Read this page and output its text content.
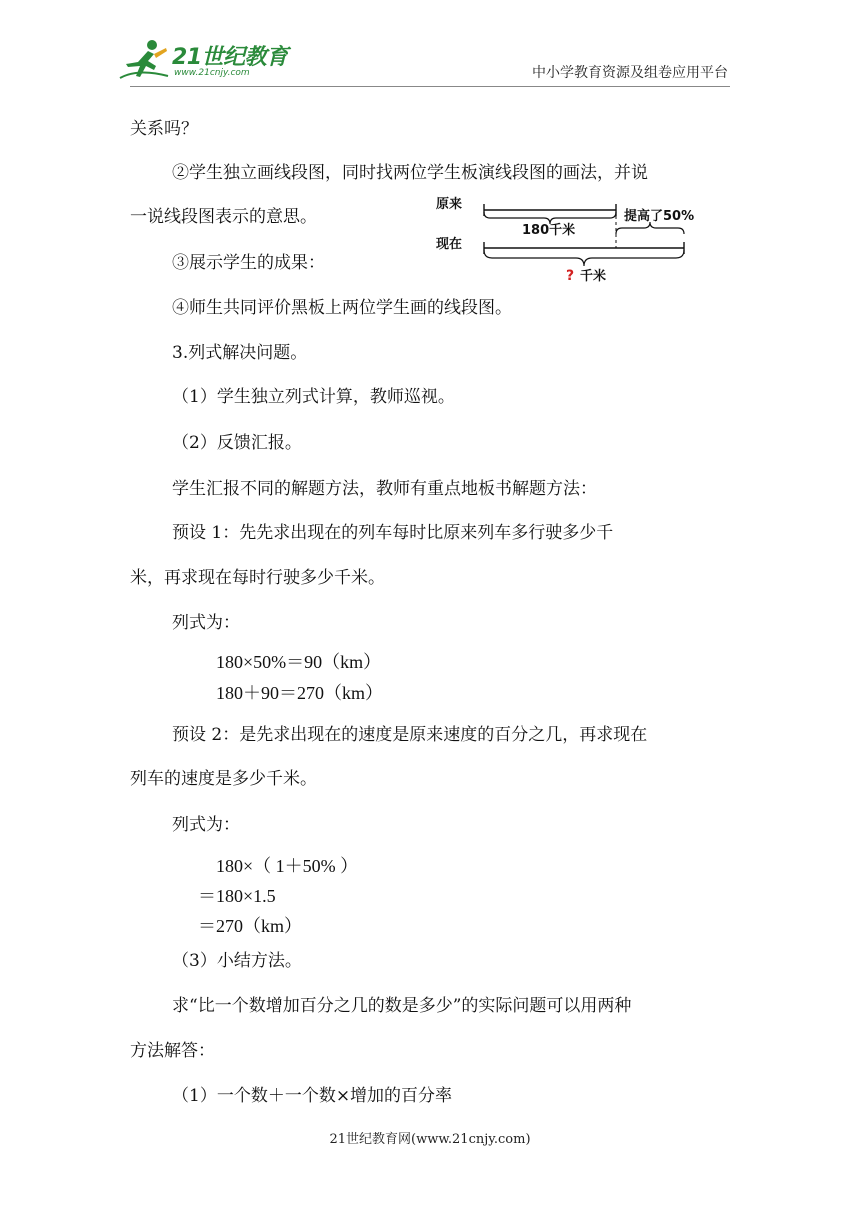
21世纪教育
www.21cnjy.com	中小学教育资源及组卷应用平台
关系吗？
②学生独立画线段图，同时找两位学生板演线段图的画法，并说
一说线段图表示的意思。
③展示学生的成果：
④师生共同评价黑板上两位学生画的线段图。
3.列式解决问题。
（1）学生独立列式计算，教师巡视。
（2）反馈汇报。
学生汇报不同的解题方法，教师有重点地板书解题方法：
预设 1：先先求出现在的列车每时比原来列车多行驶多少千
米，再求现在每时行驶多少千米。
列式为：
180×50%＝90（km）
180＋90＝270（km）
预设 2：是先求出现在的速度是原来速度的百分之几，再求现在
列车的速度是多少千米。
列式为：
180×（ 1＋50% ）
＝180×1.5
＝270（km）
（3）小结方法。
求“比一个数增加百分之几的数是多少”的实际问题可以用两种
方法解答：
（1）一个数＋一个数×增加的百分率
原来
180千米
提高了50%
现在
? 千米
21世纪教育网(www.21cnjy.com)
